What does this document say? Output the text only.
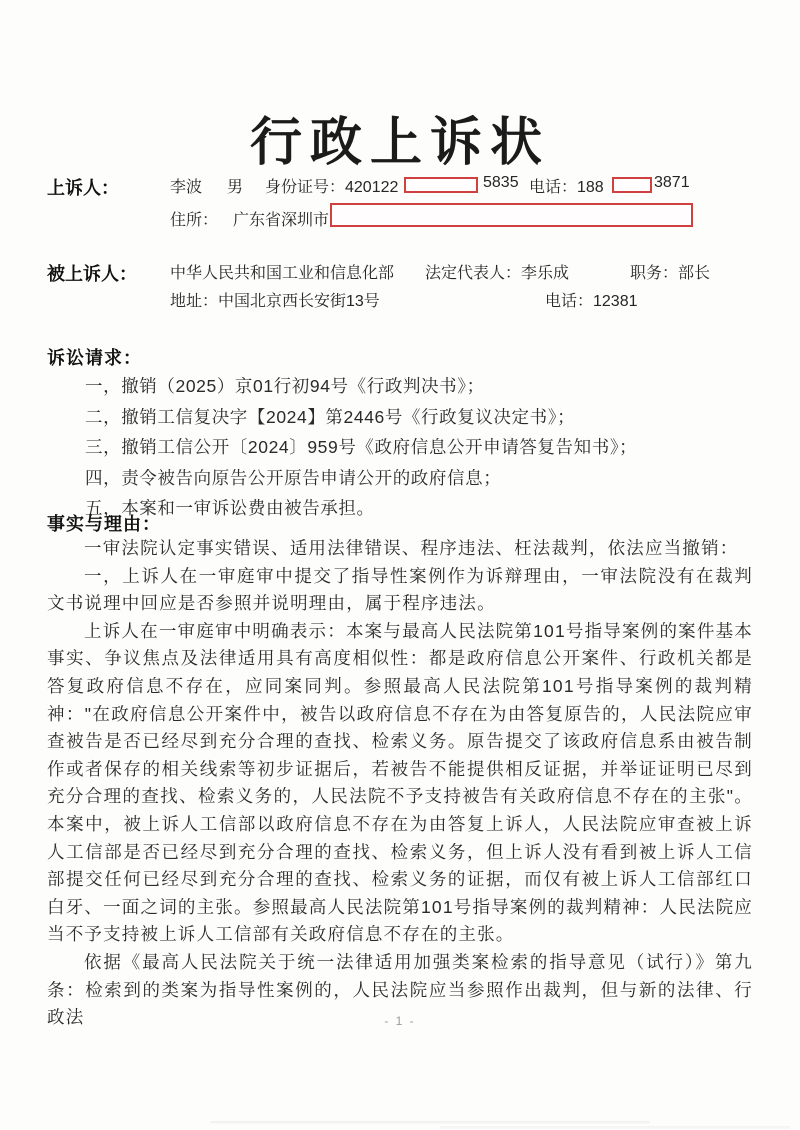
行政上诉状
上诉人：	李波 男 身份证号：420122	5835 电话：188	3871
住所： 广东省深圳市
被上诉人： 中华人民共和国工业和信息化部 法定代表人：李乐成	职务：部长
地址：中国北京西长安街13号	电话：12381
诉讼请求：
一，撤销（2025）京01行初94号《行政判决书》；
二，撤销工信复决字【2024】第2446号《行政复议决定书》；
三，撤销工信公开〔2024〕959号《政府信息公开申请答复告知书》；
四，责令被告向原告公开原告申请公开的政府信息；
五，本案和一审诉讼费由被告承担。
事实与理由：

一审法院认定事实错误、适用法律错误、程序违法、枉法裁判，依法应当撤销：

一，上诉人在一审庭审中提交了指导性案例作为诉辩理由，一审法院没有在裁判文书说理中回应是否参照并说明理由，属于程序违法。

上诉人在一审庭审中明确表示：本案与最高人民法院第101号指导案例的案件基本事实、争议焦点及法律适用具有高度相似性：都是政府信息公开案件、行政机关都是答复政府信息不存在，应同案同判。参照最高人民法院第101号指导案例的裁判精神："在政府信息公开案件中，被告以政府信息不存在为由答复原告的，人民法院应审查被告是否已经尽到充分合理的查找、检索义务。原告提交了该政府信息系由被告制作或者保存的相关线索等初步证据后，若被告不能提供相反证据，并举证证明已尽到充分合理的查找、检索义务的，人民法院不予支持被告有关政府信息不存在的主张"。本案中，被上诉人工信部以政府信息不存在为由答复上诉人，人民法院应审查被上诉人工信部是否已经尽到充分合理的查找、检索义务，但上诉人没有看到被上诉人工信部提交任何已经尽到充分合理的查找、检索义务的证据，而仅有被上诉人工信部红口白牙、一面之词的主张。参照最高人民法院第101号指导案例的裁判精神：人民法院应当不予支持被上诉人工信部有关政府信息不存在的主张。

依据《最高人民法院关于统一法律适用加强类案检索的指导意见（试行）》第九条：检索到的类案为指导性案例的，人民法院应当参照作出裁判，但与新的法律、行政法	- 1 -
